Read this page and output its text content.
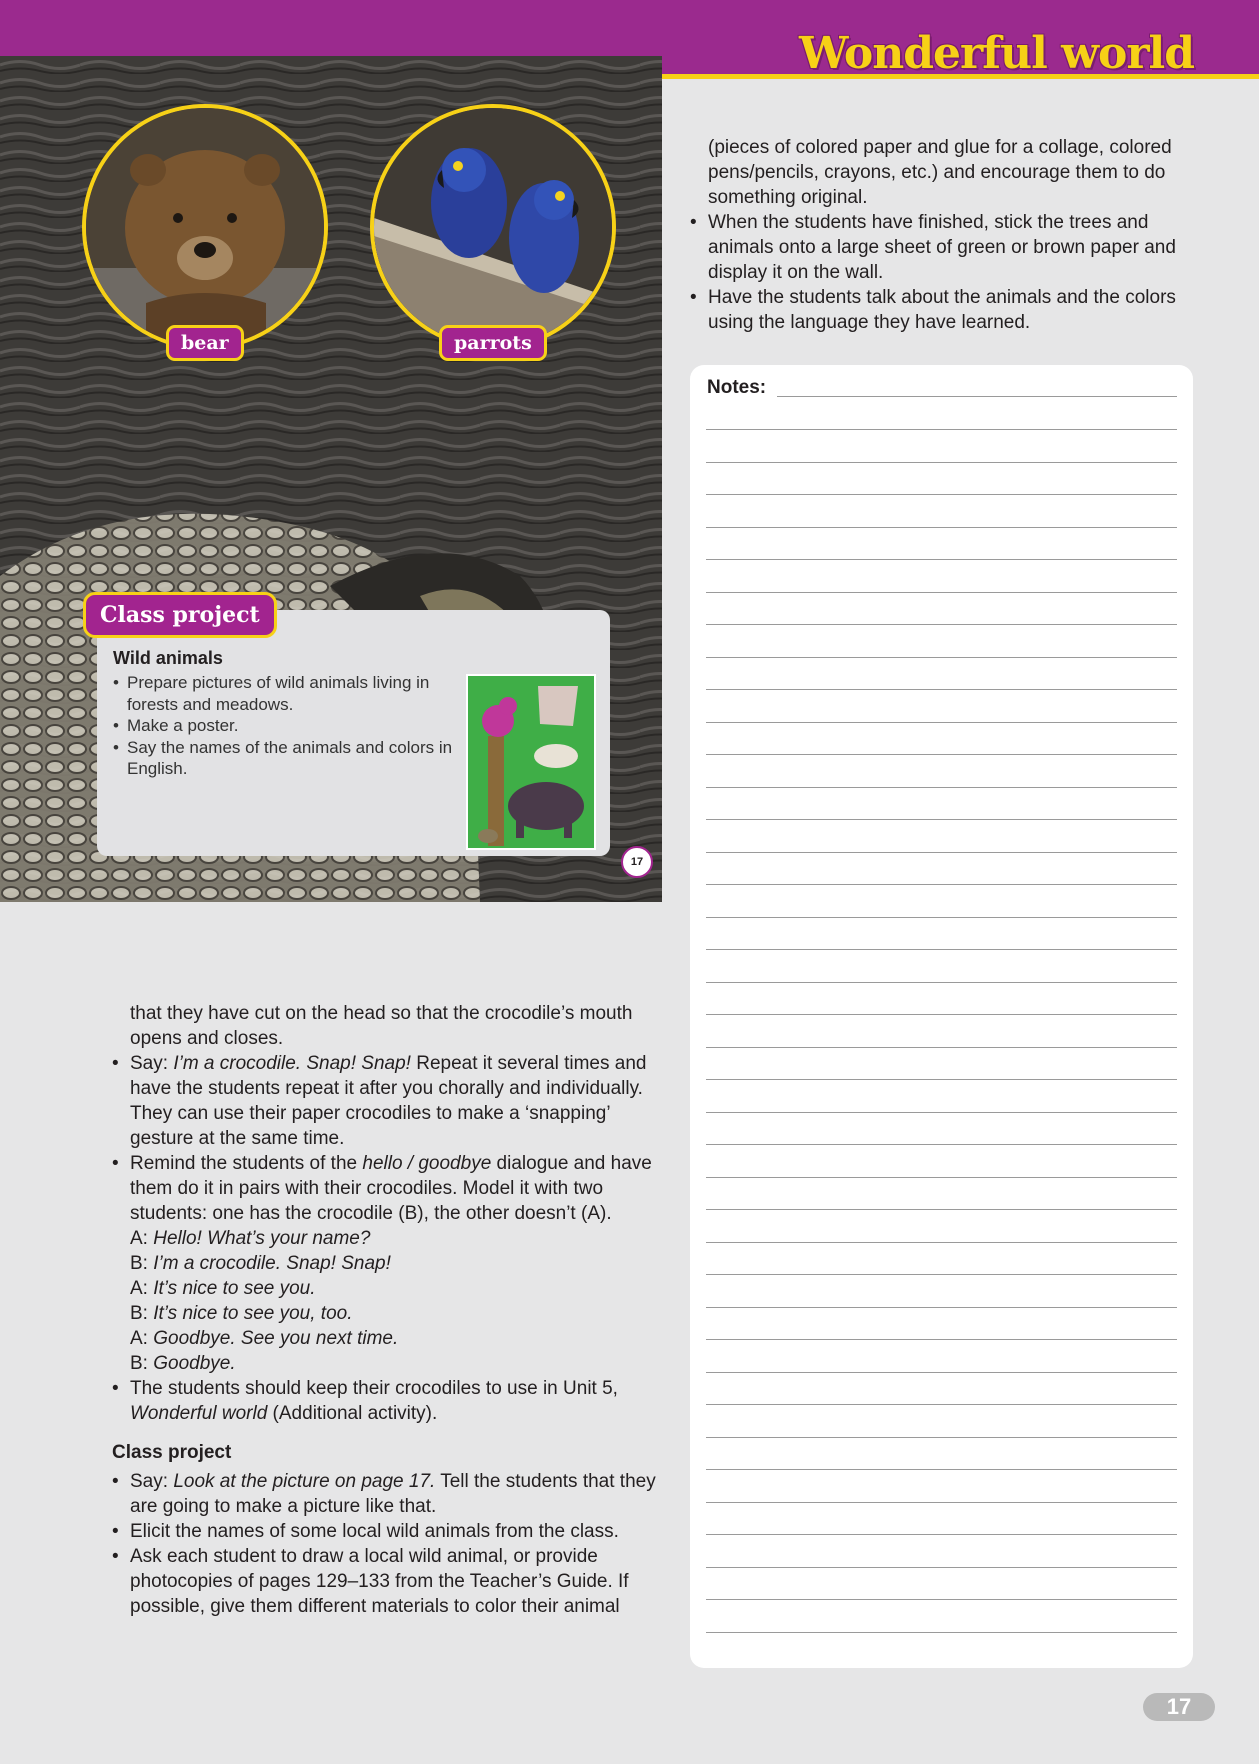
Wonderful world
bear	parrots
Class project
Wild animals
• Prepare pictures of wild animals living in forests and meadows.
• Make a poster.
• Say the names of the animals and colors in English.
17

that they have cut on the head so that the crocodile’s mouth opens and closes.

• Say: I’m a crocodile. Snap! Snap! Repeat it several times and have the students repeat it after you chorally and individually. They can use their paper crocodiles to make a ‘snapping’ gesture at the same time.

• Remind the students of the hello / goodbye dialogue and have them do it in pairs with their crocodiles. Model it with two students: one has the crocodile (B), the other doesn’t (A).

A: Hello! What’s your name?

B: I’m a crocodile. Snap! Snap!

A: It’s nice to see you.

B: It’s nice to see you, too.

A: Goodbye. See you next time.

B: Goodbye.

• The students should keep their crocodiles to use in Unit 5, Wonderful world (Additional activity).

Class project

• Say: Look at the picture on page 17. Tell the students that they are going to make a picture like that.

• Elicit the names of some local wild animals from the class.

• Ask each student to draw a local wild animal, or provide photocopies of pages 129–133 from the Teacher’s Guide. If possible, give them different materials to color their animal

(pieces of colored paper and glue for a collage, colored pens/pencils, crayons, etc.) and encourage them to do something original.

• When the students have finished, stick the trees and animals onto a large sheet of green or brown paper and display it on the wall.

• Have the students talk about the animals and the colors using the language they have learned.

Notes:
17
